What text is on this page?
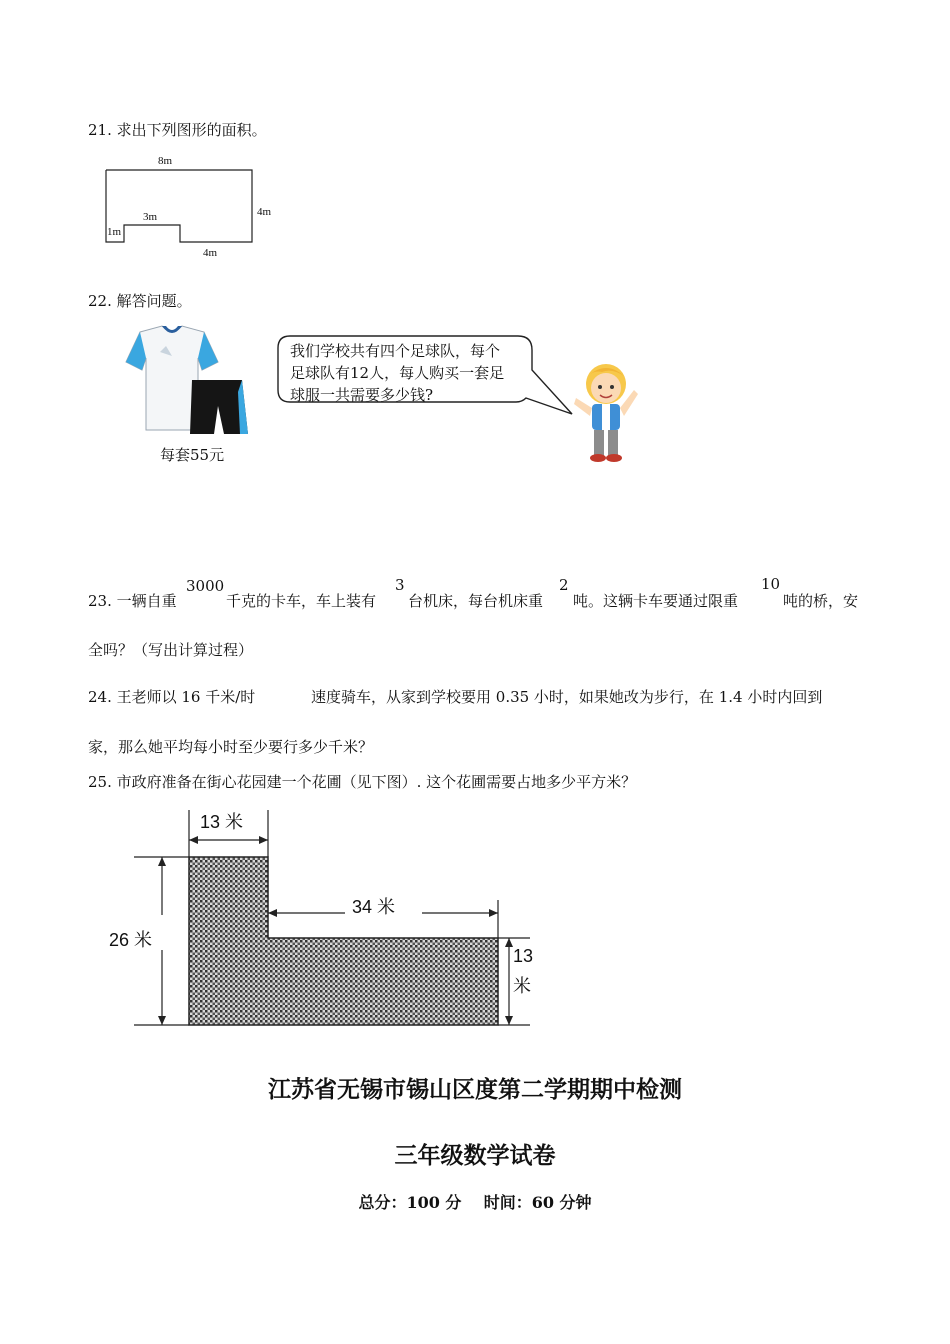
21. 求出下列图形的面积。
8m
4m
3m
1m
4m
22. 解答问题。
每套55元
我们学校共有四个足球队，每个
足球队有12人，每人购买一套足
球服一共需要多少钱?
23. 一辆自重
3000
千克的卡车，车上装有
3
台机床，每台机床重
2
吨。这辆卡车要通过限重
10
吨的桥，安
全吗？（写出计算过程）
24. 王老师以 16 千米/时	速度骑车，从家到学校要用 0.35 小时，如果她改为步行，在 1.4 小时内回到
家，那么她平均每小时至少要行多少千米？
25. 市政府准备在街心花园建一个花圃（见下图）. 这个花圃需要占地多少平方米？
13 米
34 米
26 米
13
米
江苏省无锡市锡山区度第二学期期中检测
三年级数学试卷
总分：100 分    时间：60 分钟
